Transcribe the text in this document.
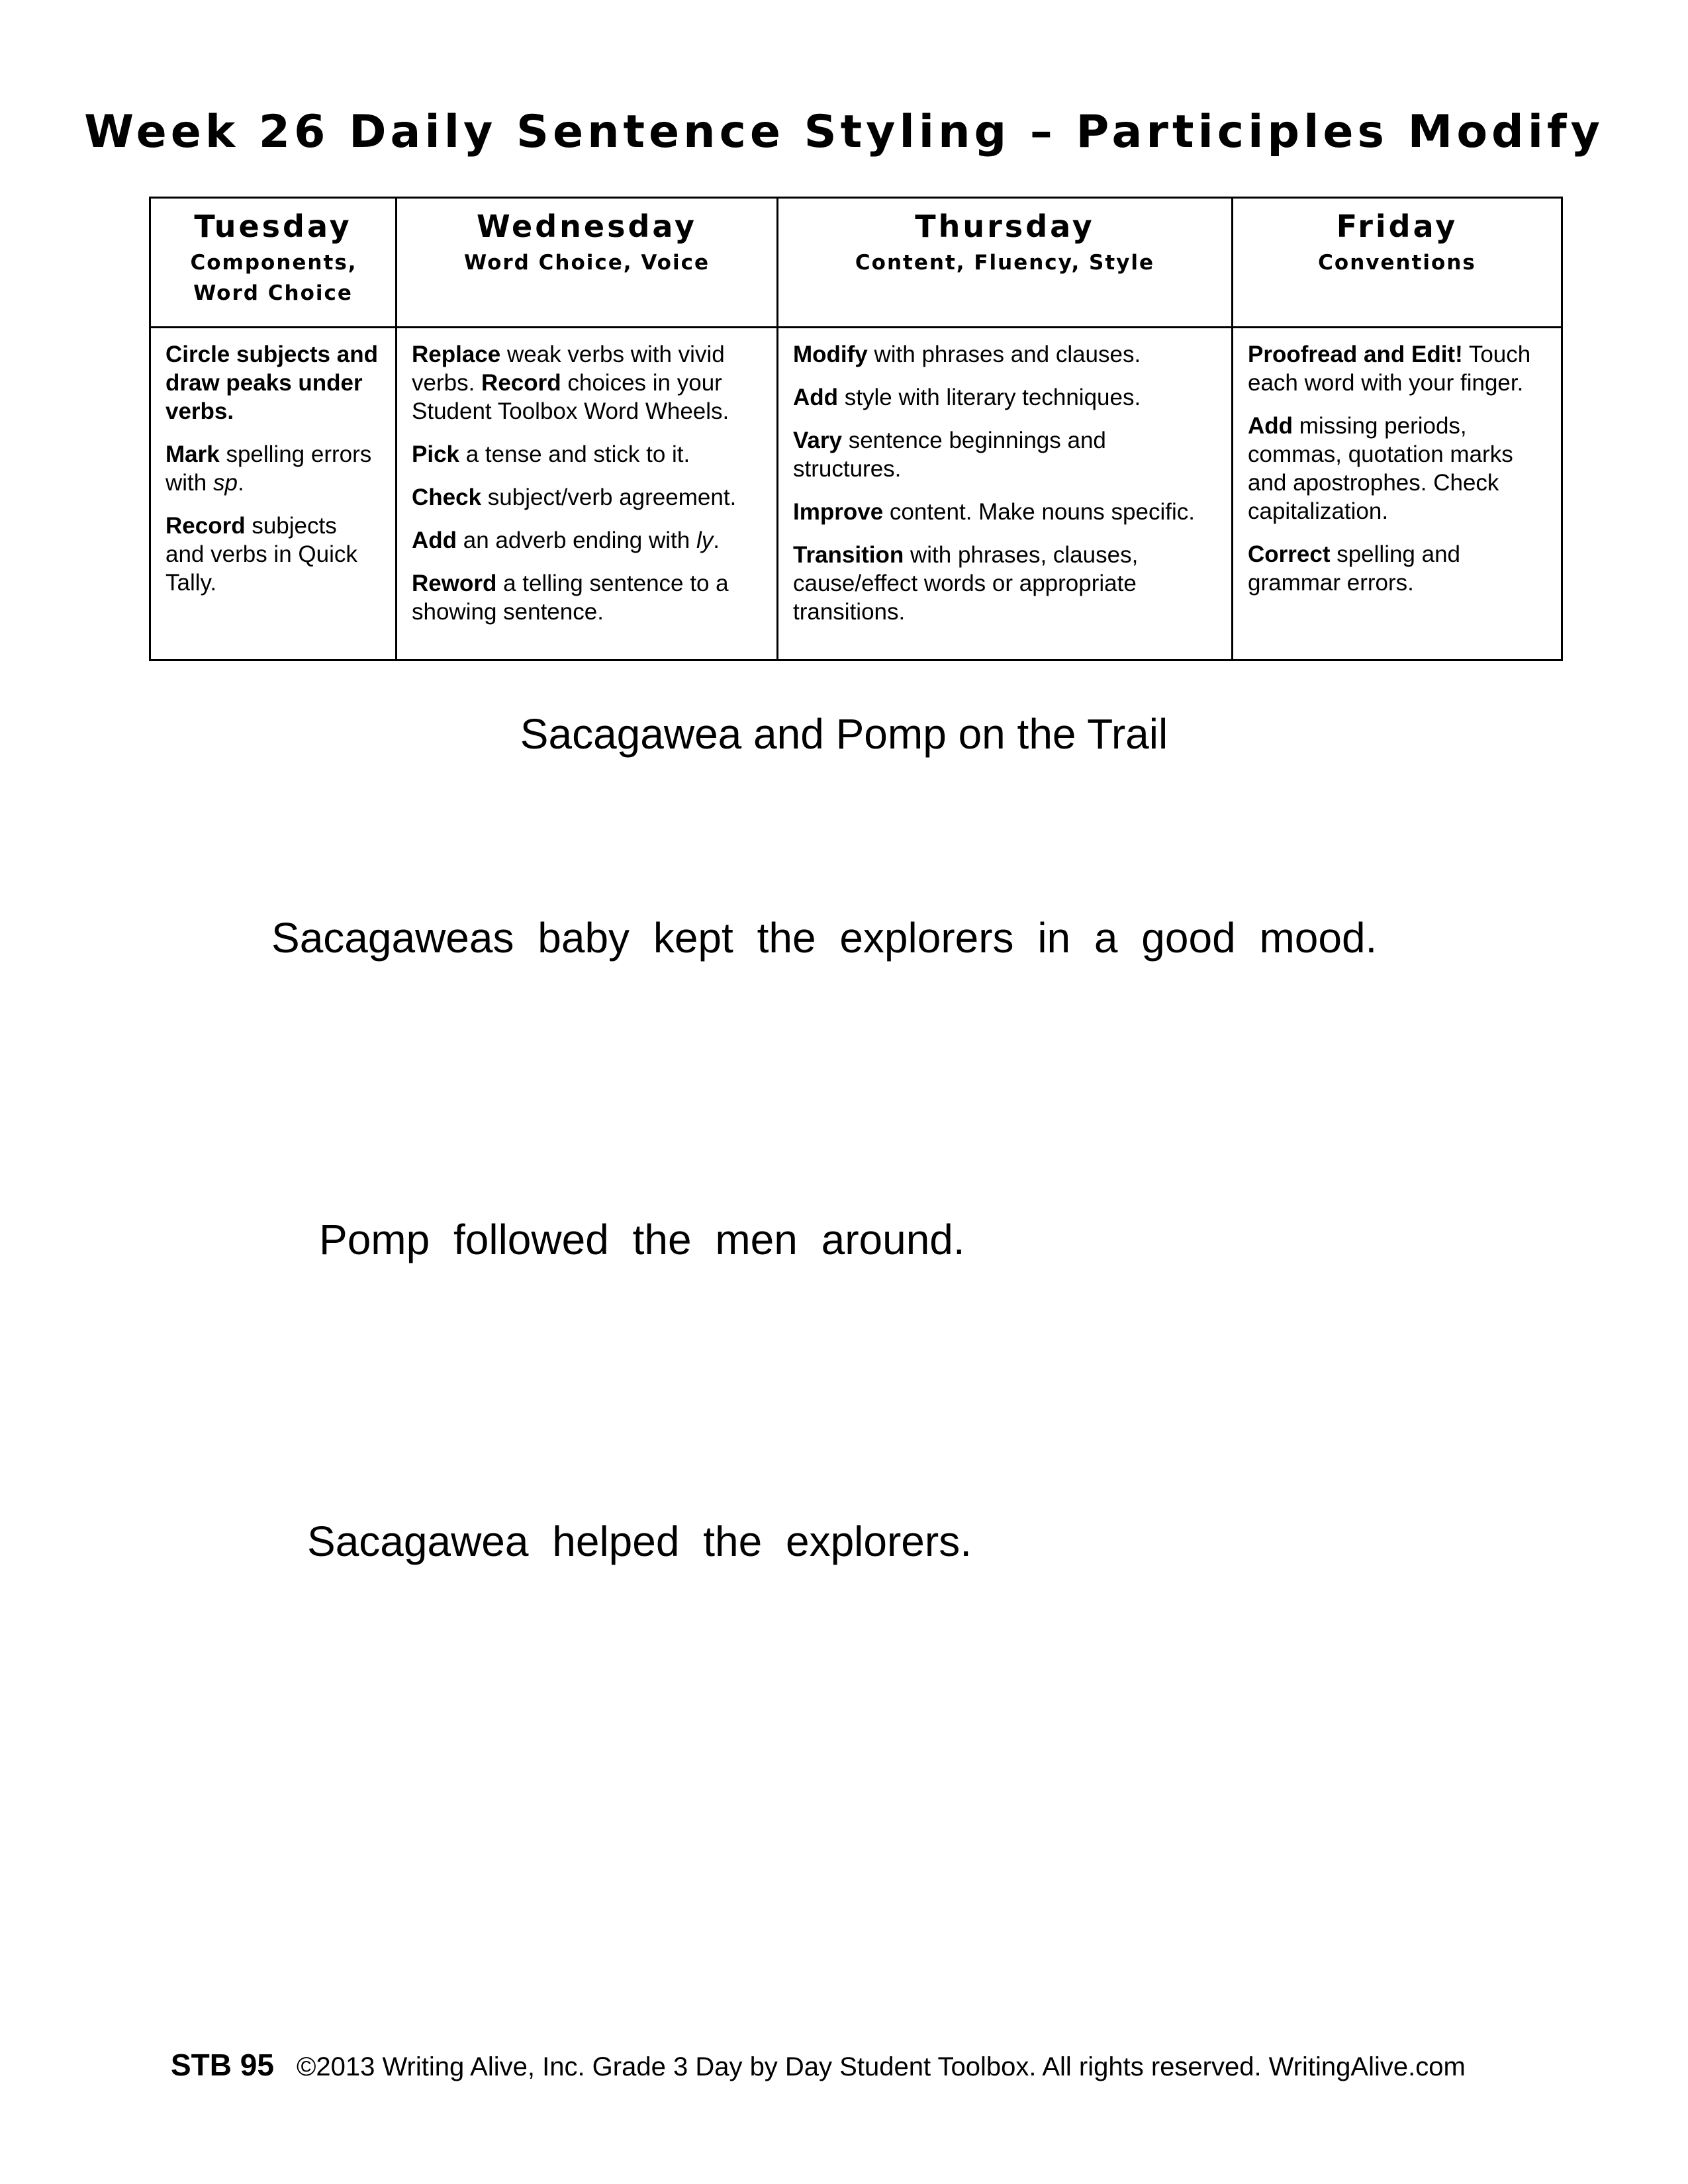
Week 26 Daily Sentence Styling – Participles Modify
Tuesday
Components, Word Choice
Wednesday
Word Choice, Voice
Thursday
Content, Fluency, Style
Friday
Conventions

Circle subjects and draw peaks under verbs.

Mark spelling errors with sp.

Record subjects and verbs in Quick Tally.

Replace weak verbs with vivid verbs. Record choices in your Student Toolbox Word Wheels.

Pick a tense and stick to it.

Check subject/verb agreement.

Add an adverb ending with ly.

Reword a telling sentence to a showing sentence.

Modify with phrases and clauses.

Add style with literary techniques.

Vary sentence beginnings and structures.

Improve content. Make nouns specific.

Transition with phrases, clauses, cause/effect words or appropriate transitions.

Proofread and Edit! Touch each word with your finger.

Add missing periods, commas, quotation marks and apostrophes. Check capitalization.

Correct spelling and grammar errors.

Sacagawea and Pomp on the Trail

Sacagaweas baby kept the explorers in a good mood.

Pomp followed the men around.

Sacagawea helped the explorers.

STB 95 ©2013 Writing Alive, Inc. Grade 3 Day by Day Student Toolbox. All rights reserved. WritingAlive.com
